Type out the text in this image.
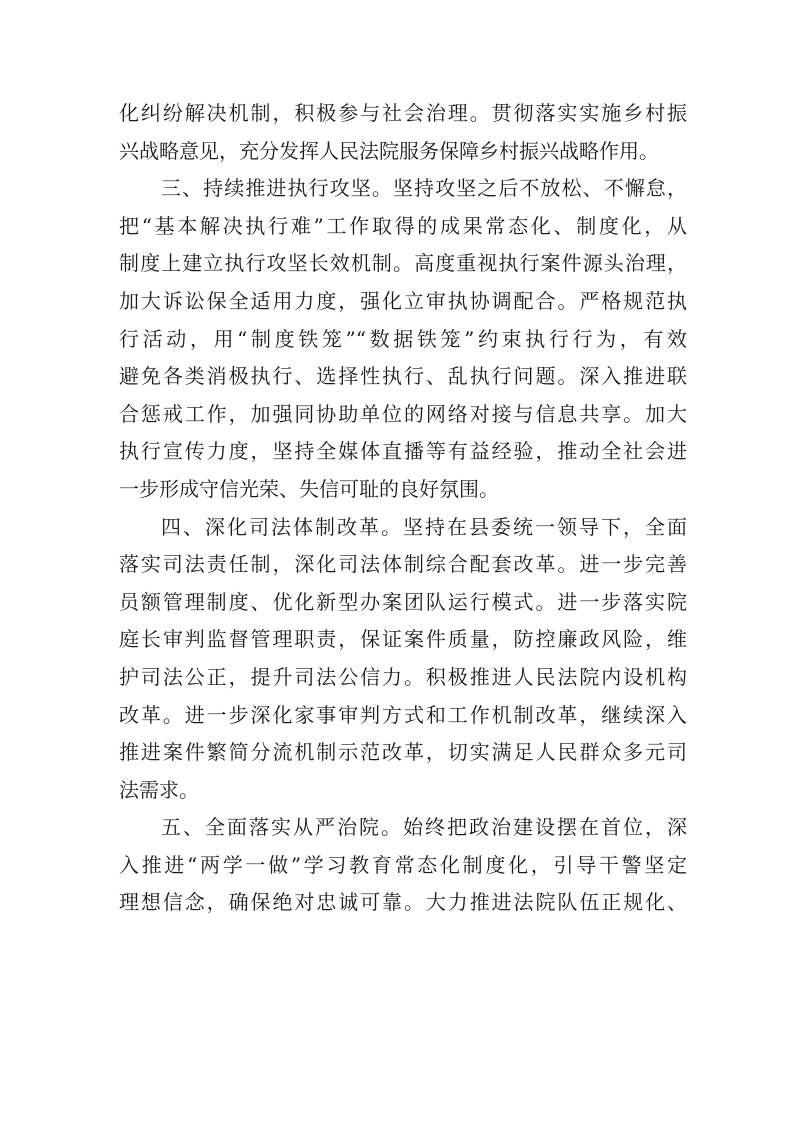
化纠纷解决机制，积极参与社会治理。贯彻落实实施乡村振
兴战略意见，充分发挥人民法院服务保障乡村振兴战略作用。
三、持续推进执行攻坚。坚持攻坚之后不放松、不懈怠，
把“基本解决执行难”工作取得的成果常态化、制度化，从
制度上建立执行攻坚长效机制。高度重视执行案件源头治理，
加大诉讼保全适用力度，强化立审执协调配合。严格规范执
行活动，用“制度铁笼”“数据铁笼”约束执行行为，有效
避免各类消极执行、选择性执行、乱执行问题。深入推进联
合惩戒工作，加强同协助单位的网络对接与信息共享。加大
执行宣传力度，坚持全媒体直播等有益经验，推动全社会进
一步形成守信光荣、失信可耻的良好氛围。
四、深化司法体制改革。坚持在县委统一领导下，全面
落实司法责任制，深化司法体制综合配套改革。进一步完善
员额管理制度、优化新型办案团队运行模式。进一步落实院
庭长审判监督管理职责，保证案件质量，防控廉政风险，维
护司法公正，提升司法公信力。积极推进人民法院内设机构
改革。进一步深化家事审判方式和工作机制改革，继续深入
推进案件繁简分流机制示范改革，切实满足人民群众多元司
法需求。
五、全面落实从严治院。始终把政治建设摆在首位，深
入推进“两学一做”学习教育常态化制度化，引导干警坚定
理想信念，确保绝对忠诚可靠。大力推进法院队伍正规化、
